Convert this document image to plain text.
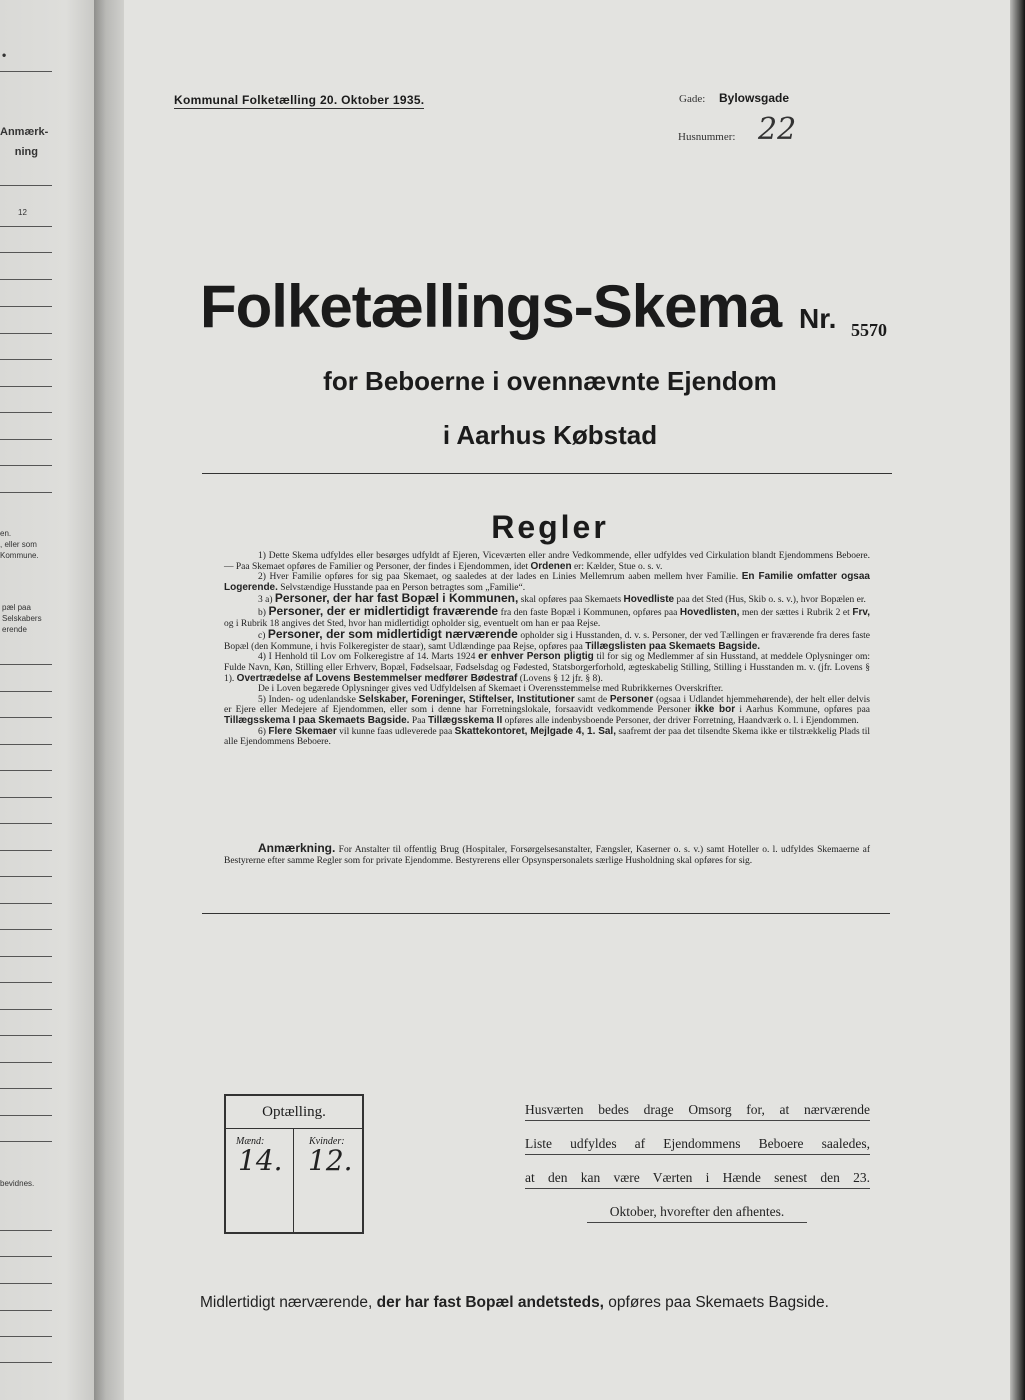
•
Anmærk-
ning
12
en.
, eller som
Kommune.
pæl paa
Selskabers
erende
bevidnes.
Kommunal Folketælling 20. Oktober 1935.	Gade: Bylowsgade
Husnummer: 22
Folketællings-Skema Nr. 5570
for Beboerne i ovennævnte Ejendom
i Aarhus Købstad
Regler

1) Dette Skema udfyldes eller besørges udfyldt af Ejeren, Viceværten eller andre Vedkommende, eller udfyldes ved Cirkulation blandt Ejendommens Beboere. — Paa Skemaet opføres de Familier og Personer, der findes i Ejendommen, idet Ordenen er: Kælder, Stue o. s. v.

2) Hver Familie opføres for sig paa Skemaet, og saaledes at der lades en Linies Mellemrum aaben mellem hver Familie. En Familie omfatter ogsaa Logerende. Selvstændige Husstande paa en Person betragtes som „Familie“.

3 a) Personer, der har fast Bopæl i Kommunen, skal opføres paa Skemaets Hovedliste paa det Sted (Hus, Skib o. s. v.), hvor Bopælen er.

b) Personer, der er midlertidigt fraværende fra den faste Bopæl i Kommunen, opføres paa Hovedlisten, men der sættes i Rubrik 2 et Frv, og i Rubrik 18 angives det Sted, hvor han midlertidigt opholder sig, eventuelt om han er paa Rejse.

c) Personer, der som midlertidigt nærværende opholder sig i Husstanden, d. v. s. Personer, der ved Tællingen er fraværende fra deres faste Bopæl (den Kommune, i hvis Folkeregister de staar), samt Udlændinge paa Rejse, opføres paa Tillægslisten paa Skemaets Bagside.

4) I Henhold til Lov om Folkeregistre af 14. Marts 1924 er enhver Person pligtig til for sig og Medlemmer af sin Husstand, at meddele Oplysninger om: Fulde Navn, Køn, Stilling eller Erhverv, Bopæl, Fødselsaar, Fødselsdag og Fødested, Statsborgerforhold, ægteskabelig Stilling, Stilling i Husstanden m. v. (jfr. Lovens § 1). Overtrædelse af Lovens Bestemmelser medfører Bødestraf (Lovens § 12 jfr. § 8).

De i Loven begærede Oplysninger gives ved Udfyldelsen af Skemaet i Overensstemmelse med Rubrikkernes Overskrifter.

5) Inden- og udenlandske Selskaber, Foreninger, Stiftelser, Institutioner samt de Personer (ogsaa i Udlandet hjemmehørende), der helt eller delvis er Ejere eller Medejere af Ejendommen, eller som i denne har Forretningslokale, forsaavidt vedkommende Personer ikke bor i Aarhus Kommune, opføres paa Tillægsskema I paa Skemaets Bagside. Paa Tillægsskema II opføres alle indenbysboende Personer, der driver Forretning, Haandværk o. l. i Ejendommen.

6) Flere Skemaer vil kunne faas udleverede paa Skattekontoret, Mejlgade 4, 1. Sal, saafremt der paa det tilsendte Skema ikke er tilstrækkelig Plads til alle Ejendommens Beboere.

Anmærkning. For Anstalter til offentlig Brug (Hospitaler, Forsørgelsesanstalter, Fængsler, Kaserner o. s. v.) samt Hoteller o. l. udfyldes Skemaerne af Bestyrerne efter samme Regler som for private Ejendomme. Bestyrerens eller Opsynspersonalets særlige Husholdning skal opføres for sig.

Optælling.
Mænd:
14.
Kvinder:
12.
Husværten bedes drage Omsorg for, at nærværende
Liste udfyldes af Ejendommens Beboere saaledes,
at den kan være Værten i Hænde senest den 23.
Oktober, hvorefter den afhentes.
Midlertidigt nærværende, der har fast Bopæl andetsteds, opføres paa Skemaets Bagside.
